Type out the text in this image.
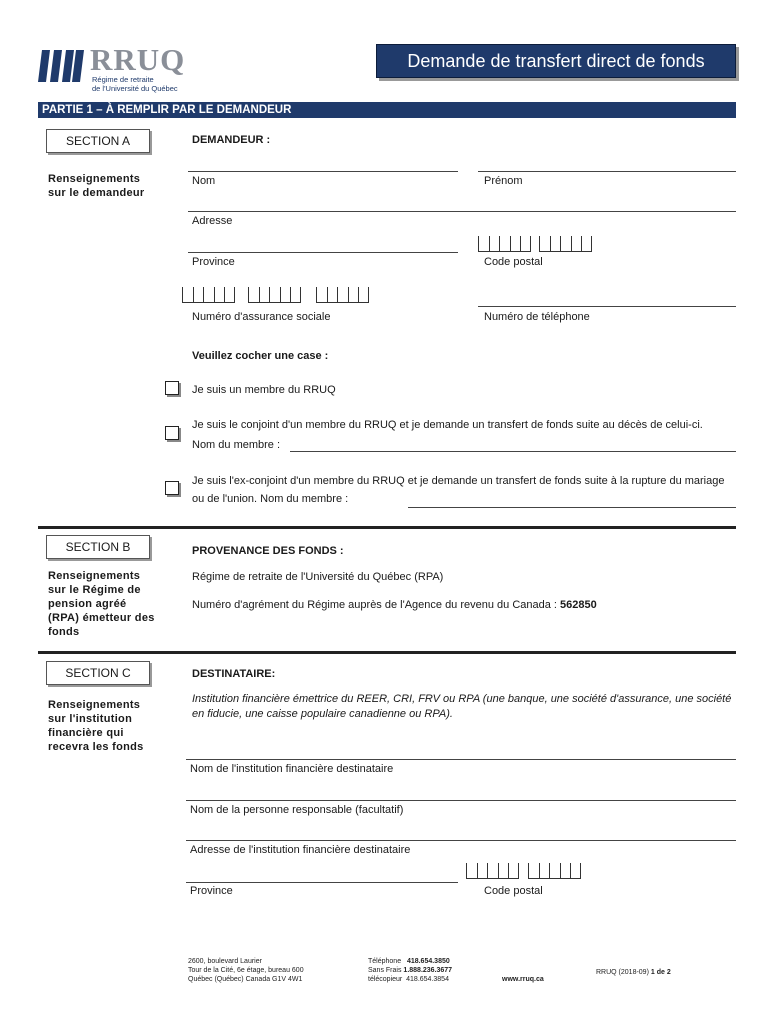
RRUQ
Régime de retraite
de l'Université du Québec
Demande de transfert direct de fonds
PARTIE 1 – À REMPLIR PAR LE DEMANDEUR
SECTION A
Renseignements sur le demandeur
DEMANDEUR :
Nom	Prénom
Adresse
Province	Code postal
Numéro d'assurance sociale	Numéro de téléphone
Veuillez cocher une case :
Je suis un membre du RRUQ
Je suis le conjoint d'un membre du RRUQ et je demande un transfert de fonds suite au décès de celui-ci.
Nom du membre :
Je suis l'ex-conjoint d'un membre du RRUQ et je demande un transfert de fonds suite à la rupture du mariage ou de l'union. Nom du membre :
SECTION B
Renseignements sur le Régime de pension agréé (RPA) émetteur des fonds
PROVENANCE DES FONDS :
Régime de retraite de l'Université du Québec (RPA)
Numéro d'agrément du Régime auprès de l'Agence du revenu du Canada : 562850
SECTION C
Renseignements sur l'institution financière qui recevra les fonds
DESTINATAIRE:
Institution financière émettrice du REER, CRI, FRV ou RPA (une banque, une société d'assurance, une société en fiducie, une caisse populaire canadienne ou RPA).
Nom de l'institution financière destinataire
Nom de la personne responsable (facultatif)
Adresse de l'institution financière destinataire
Province	Code postal
2600, boulevard Laurier
Tour de la Cité, 6e étage, bureau 600
Québec (Québec) Canada G1V 4W1
Téléphone 418.654.3850
Sans Frais 1.888.236.3677
télécopieur 418.654.3854	www.rruq.ca
RRUQ (2018-09) 1 de 2
